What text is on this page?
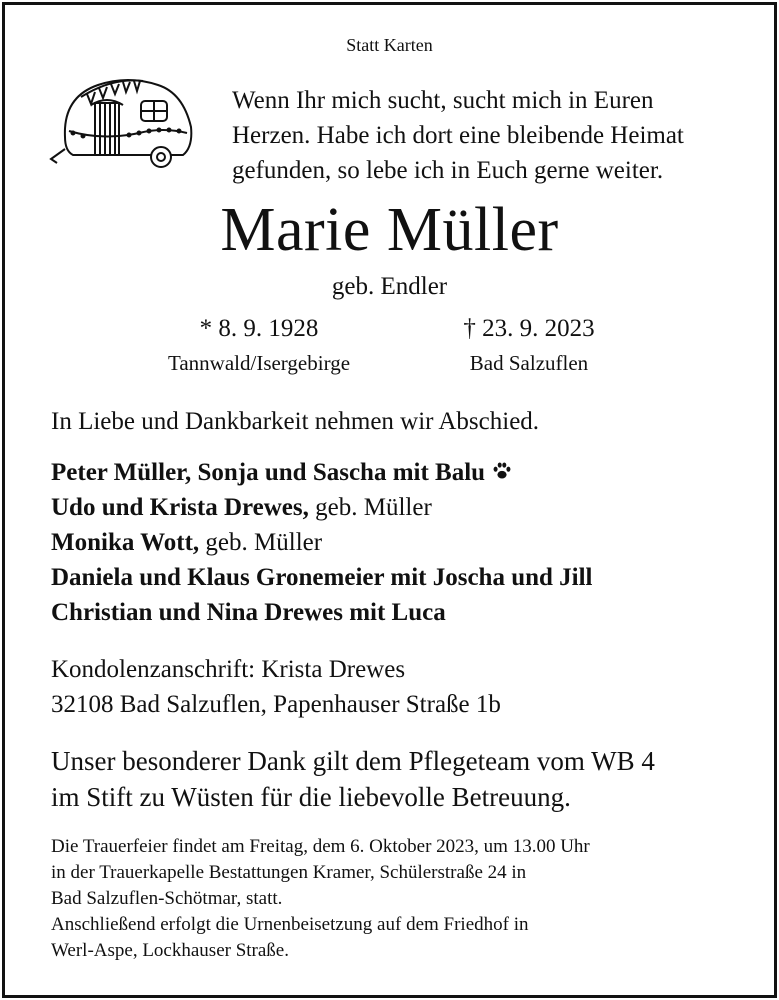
Statt Karten
Wenn Ihr mich sucht, sucht mich in Euren
Herzen. Habe ich dort eine bleibende Heimat
gefunden, so lebe ich in Euch gerne weiter.
Marie Müller
geb. Endler
* 8. 9. 1928	† 23. 9. 2023
Tannwald/Isergebirge	Bad Salzuflen
In Liebe und Dankbarkeit nehmen wir Abschied.
Peter Müller, Sonja und Sascha mit Balu
Udo und Krista Drewes, geb. Müller
Monika Wott, geb. Müller
Daniela und Klaus Gronemeier mit Joscha und Jill
Christian und Nina Drewes mit Luca
Kondolenzanschrift: Krista Drewes
32108 Bad Salzuflen, Papenhauser Straße 1b
Unser besonderer Dank gilt dem Pflegeteam vom WB 4
im Stift zu Wüsten für die liebevolle Betreuung.
Die Trauerfeier findet am Freitag, dem 6. Oktober 2023, um 13.00 Uhr
in der Trauerkapelle Bestattungen Kramer, Schülerstraße 24 in
Bad Salzuflen-Schötmar, statt.
Anschließend erfolgt die Urnenbeisetzung auf dem Friedhof in
Werl-Aspe, Lockhauser Straße.
